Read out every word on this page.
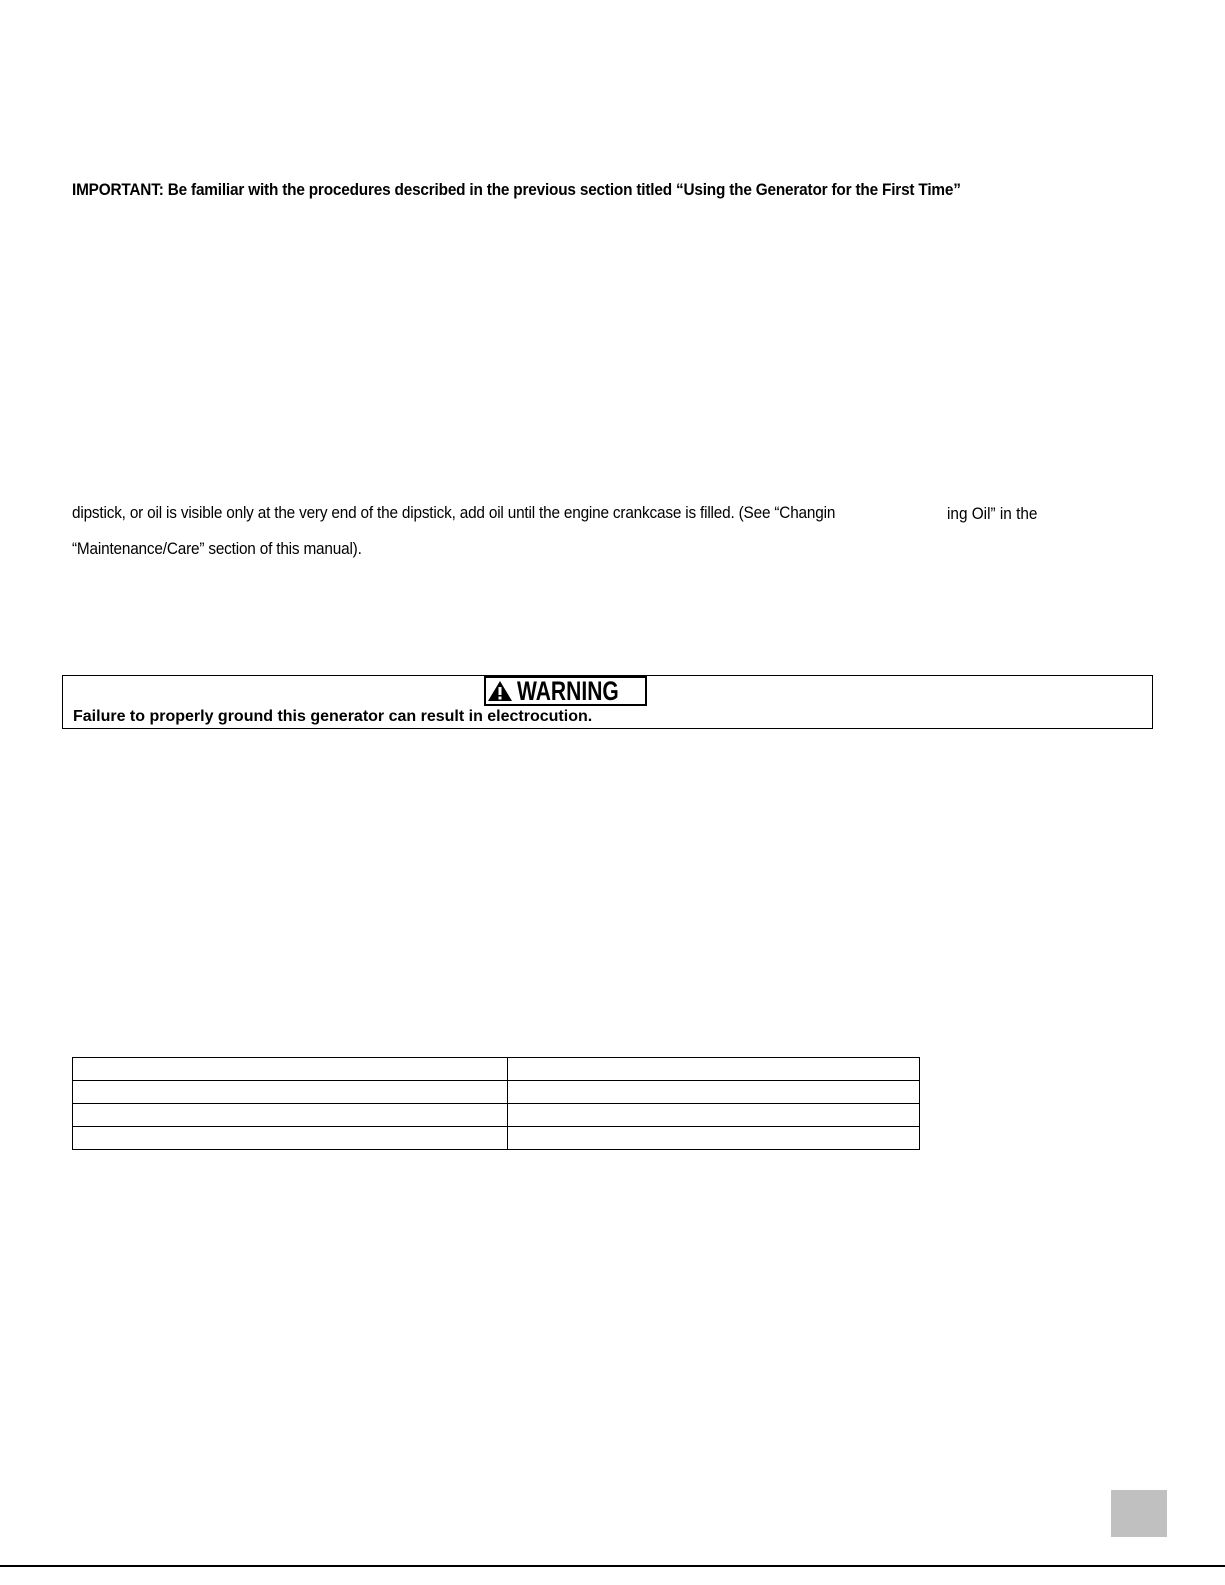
IMPORTANT: Be familiar with the procedures described in the previous section titled “Using the Generator for the First Time”
dipstick, or oil is visible only at the very end of the dipstick, add oil until the engine crankcase is filled. (See “Changin	ing Oil” in the
“Maintenance/Care” section of this manual).
WARNING
Failure to properly ground this generator can result in electrocution.
